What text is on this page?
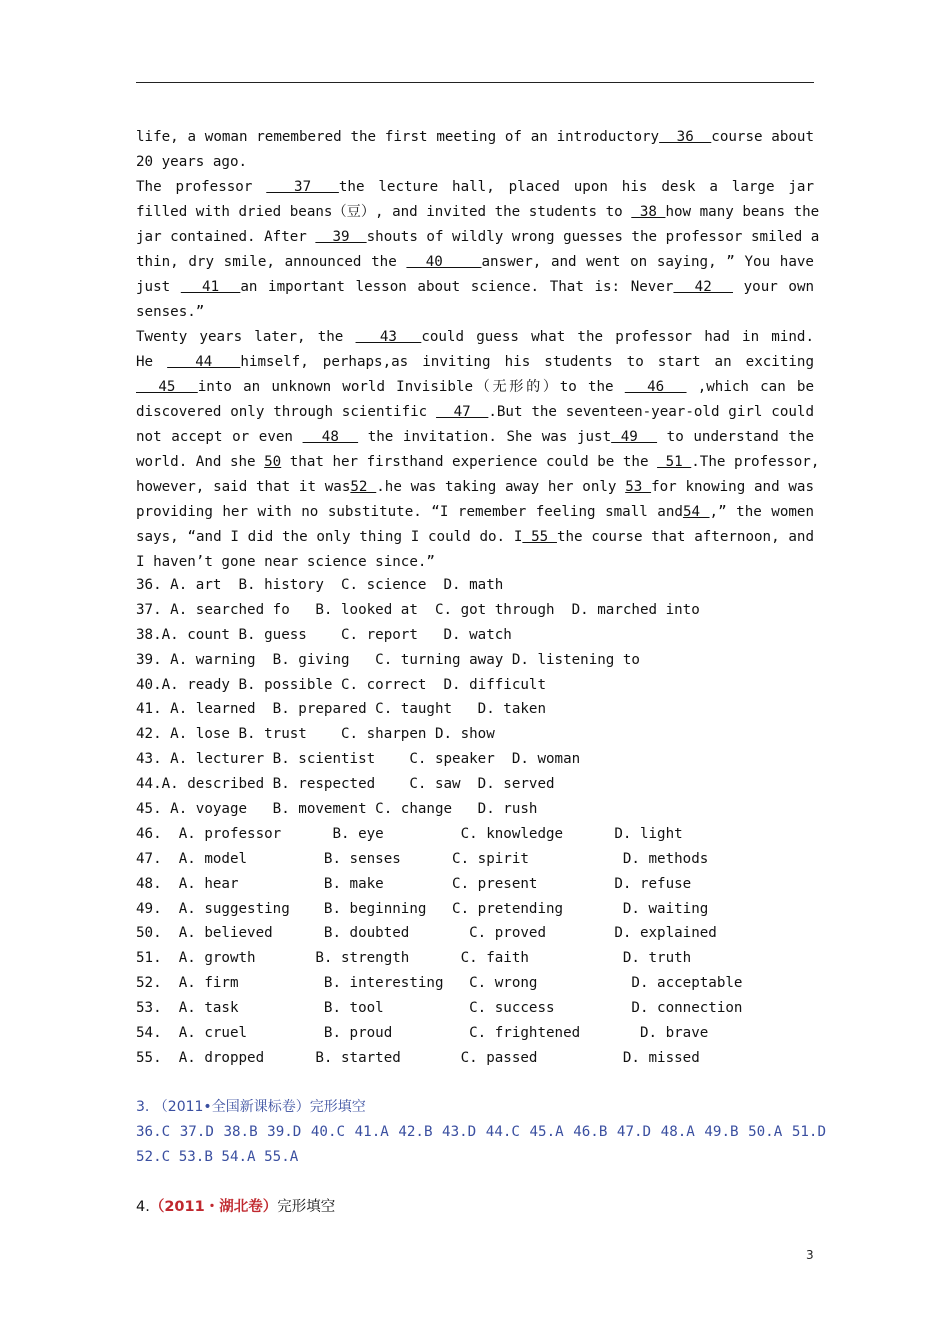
life, a woman remembered the first meeting of an introductory  36  course about
20 years ago.
The professor   37  the lecture hall, placed upon his desk a large jar
filled with dried beans（豆）, and invited the students to  38 how many beans the
jar contained. After   39  shouts of wildly wrong guesses the professor smiled a
thin, dry smile, announced the   40    answer, and went on saying, ” You have
just   41  an important lesson about science. That is: Never  42   your own
senses.”
Twenty years later, the   43  could guess what the professor had in mind.
He   44  himself, perhaps,as inviting his students to start an exciting
45  into an unknown world Invisible（无形的）to the   46   ,which can be
discovered only through scientific   47  .But the seventeen-year-old girl could
not accept or even   48   the invitation. She was just 49   to understand the
world. And she 50 that her firsthand experience could be the  51 .The professor,
however, said that it was52 .he was taking away her only 53 for knowing and was
providing her with no substitute. “I remember feeling small and54 ,” the women
says, “and I did the only thing I could do. I 55 the course that afternoon, and
I haven’t gone near science since.”
36. A. art  B. history  C. science  D. math
37. A. searched fo   B. looked at  C. got through  D. marched into
38.A. count B. guess    C. report   D. watch
39. A. warning  B. giving   C. turning away D. listening to
40.A. ready B. possible C. correct  D. difficult
41. A. learned  B. prepared C. taught   D. taken
42. A. lose B. trust    C. sharpen D. show
43. A. lecturer B. scientist    C. speaker  D. woman
44.A. described B. respected    C. saw  D. served
45. A. voyage   B. movement C. change   D. rush
46.  A. professor      B. eye         C. knowledge      D. light
47.  A. model         B. senses      C. spirit           D. methods
48.  A. hear          B. make        C. present         D. refuse
49.  A. suggesting    B. beginning   C. pretending       D. waiting
50.  A. believed      B. doubted       C. proved        D. explained
51.  A. growth       B. strength      C. faith           D. truth
52.  A. firm          B. interesting   C. wrong           D. acceptable
53.  A. task          B. tool          C. success         D. connection
54.  A. cruel         B. proud         C. frightened       D. brave
55.  A. dropped      B. started       C. passed          D. missed
3. （2011•全国新课标卷）完形填空
36.C 37.D 38.B 39.D 40.C 41.A 42.B 43.D 44.C 45.A 46.B 47.D 48.A 49.B 50.A 51.D
52.C 53.B 54.A 55.A
4.（2011・湖北卷）完形填空
3
